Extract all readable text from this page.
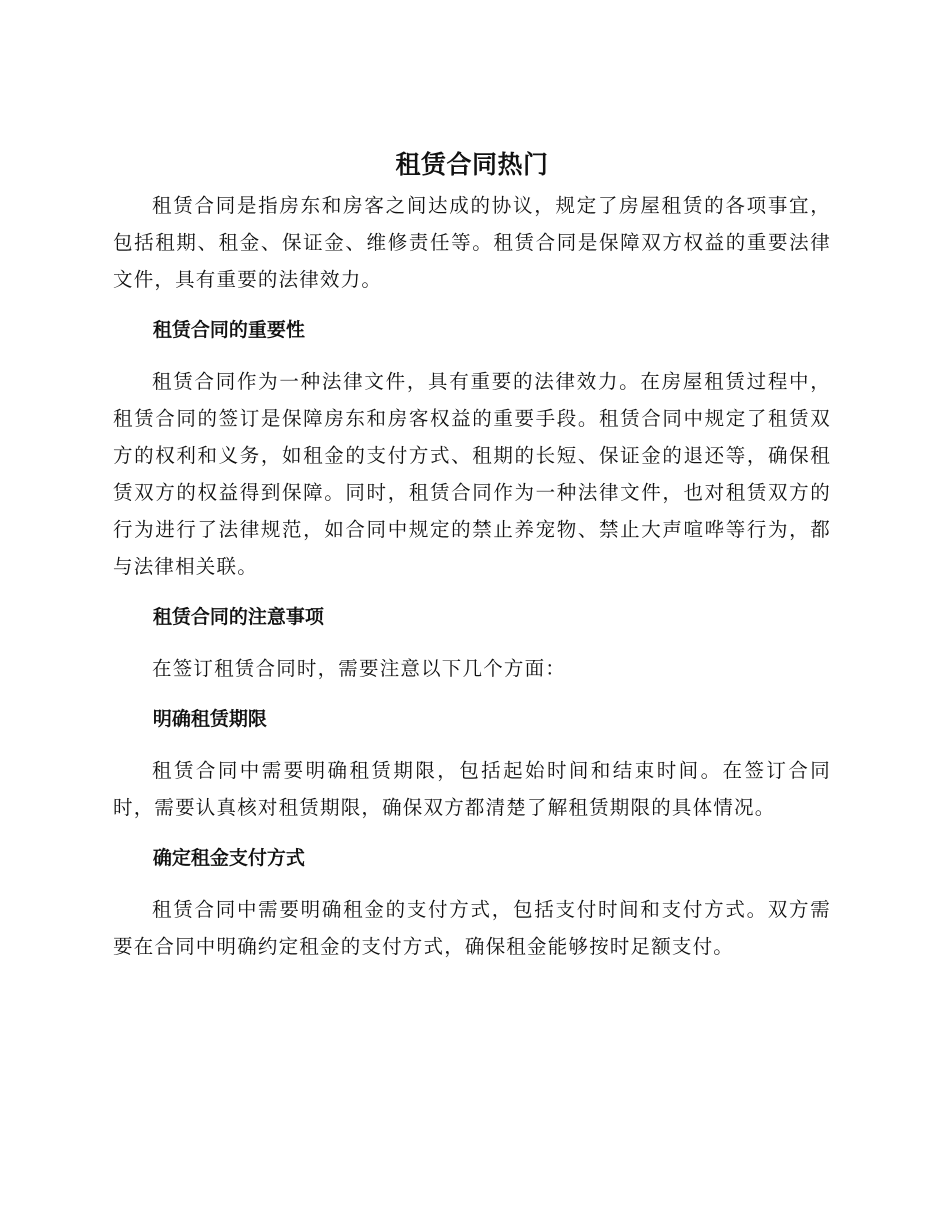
租赁合同热门

租赁合同是指房东和房客之间达成的协议，规定了房屋租赁的各项事宜，包括租期、租金、保证金、维修责任等。租赁合同是保障双方权益的重要法律文件，具有重要的法律效力。

租赁合同的重要性

租赁合同作为一种法律文件，具有重要的法律效力。在房屋租赁过程中，租赁合同的签订是保障房东和房客权益的重要手段。租赁合同中规定了租赁双方的权利和义务，如租金的支付方式、租期的长短、保证金的退还等，确保租赁双方的权益得到保障。同时，租赁合同作为一种法律文件，也对租赁双方的行为进行了法律规范，如合同中规定的禁止养宠物、禁止大声喧哗等行为，都与法律相关联。

租赁合同的注意事项

在签订租赁合同时，需要注意以下几个方面：

明确租赁期限

租赁合同中需要明确租赁期限，包括起始时间和结束时间。在签订合同时，需要认真核对租赁期限，确保双方都清楚了解租赁期限的具体情况。

确定租金支付方式

租赁合同中需要明确租金的支付方式，包括支付时间和支付方式。双方需要在合同中明确约定租金的支付方式，确保租金能够按时足额支付。
